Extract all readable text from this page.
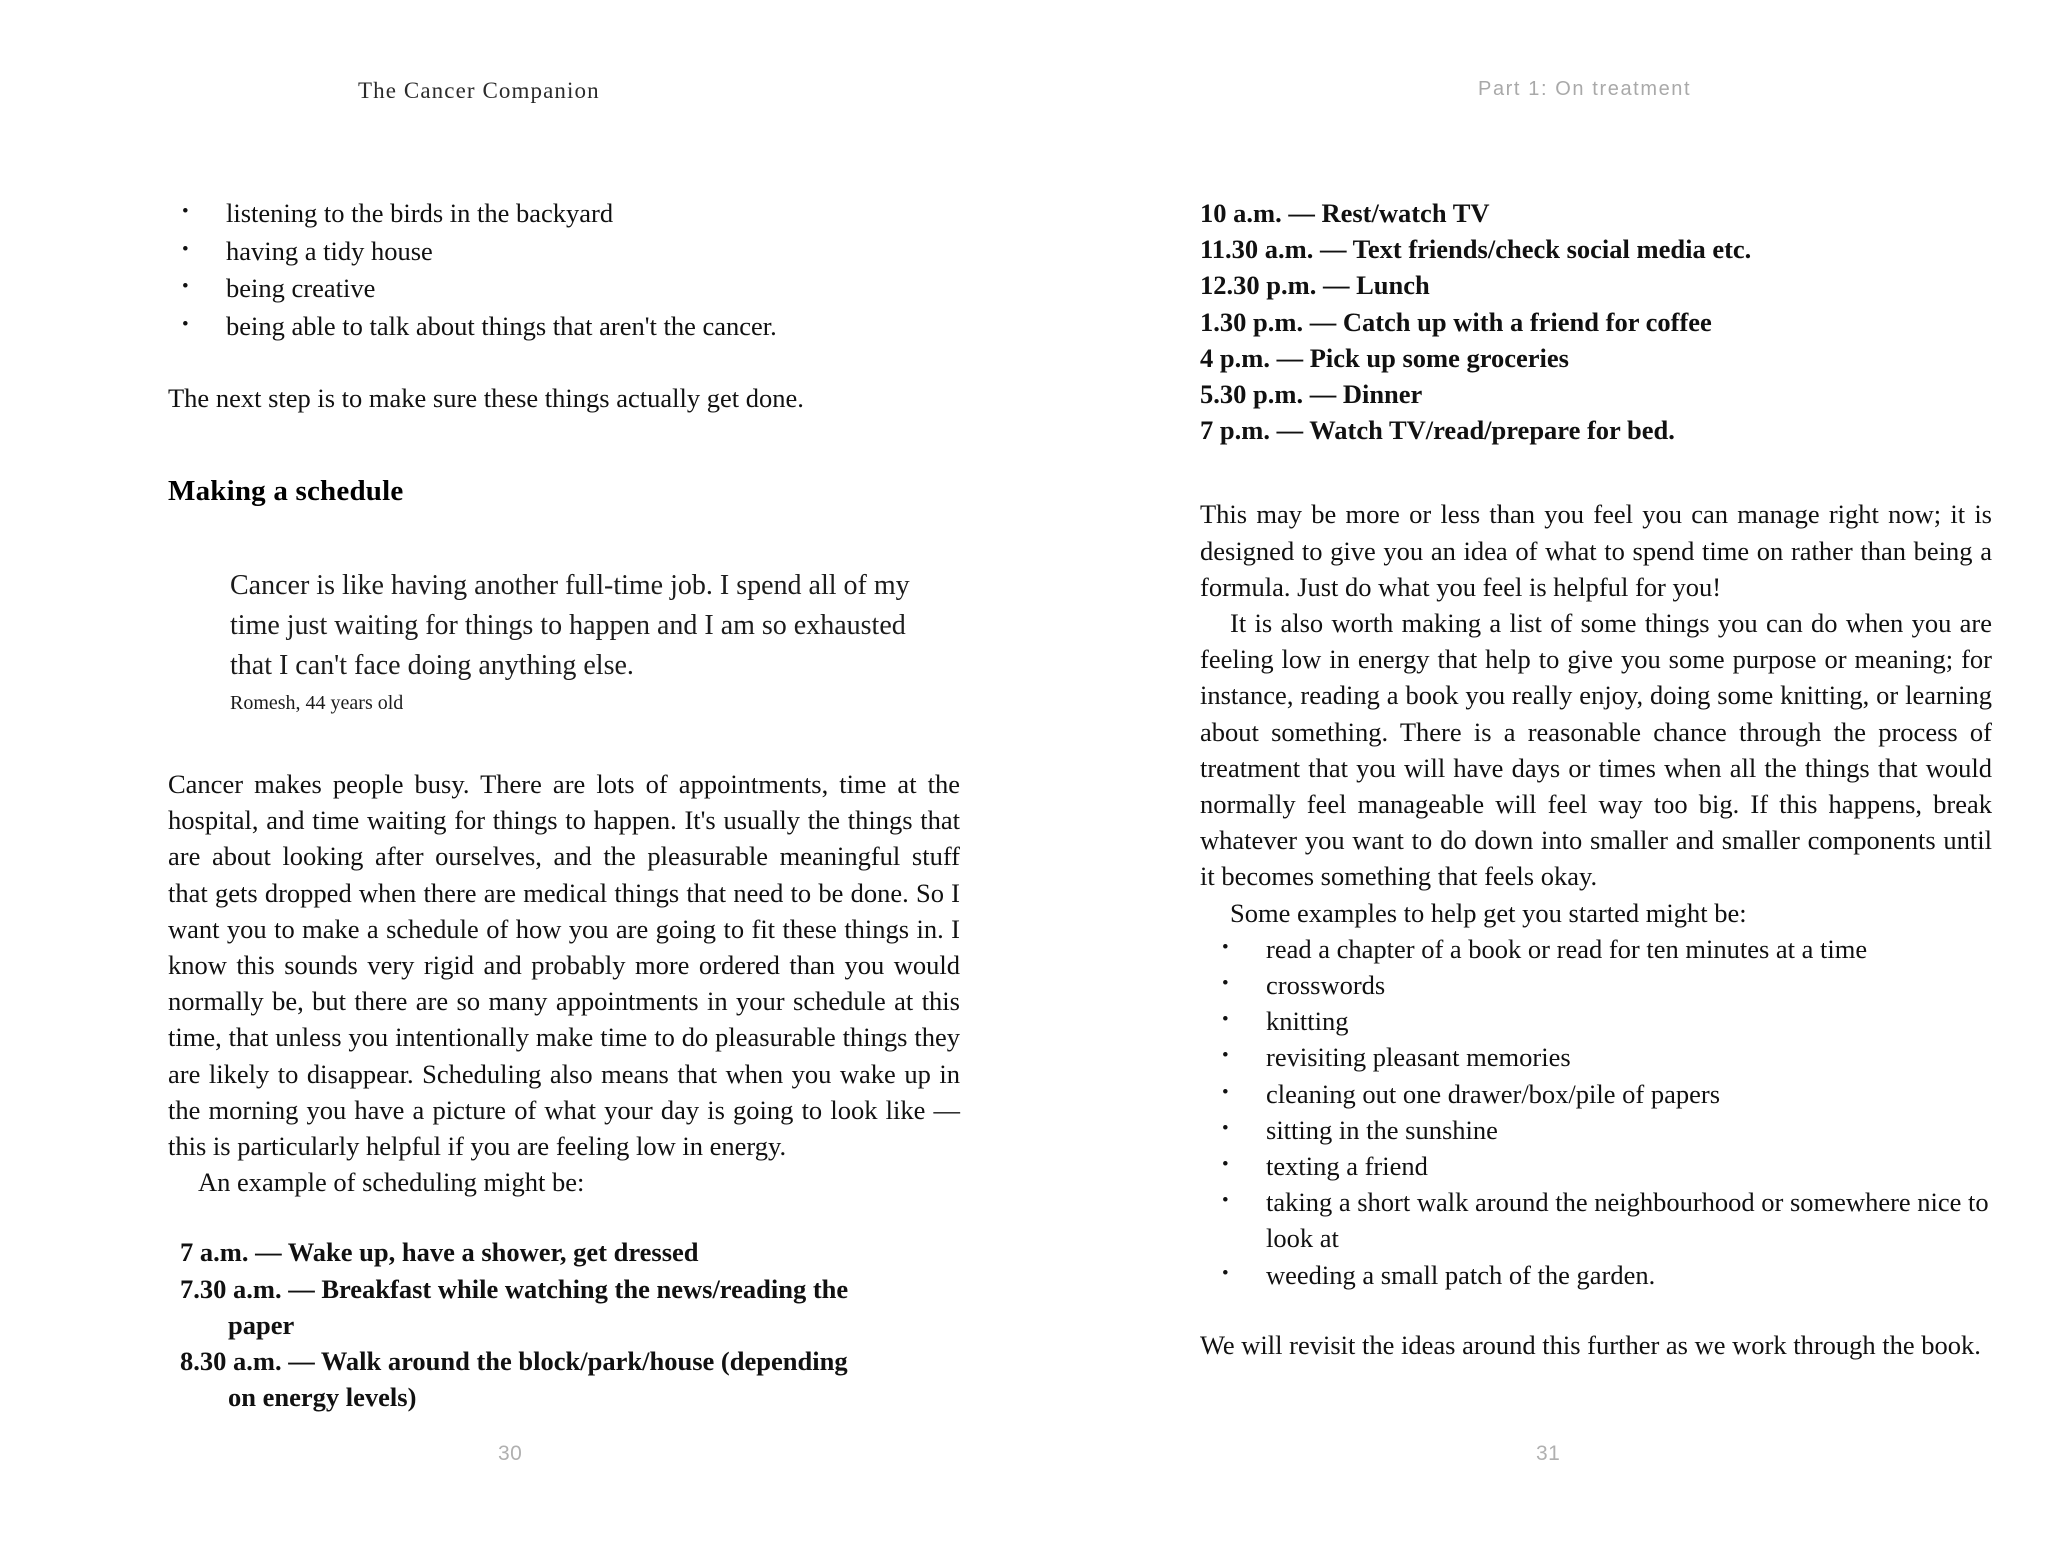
The Cancer Companion
• listening to the birds in the backyard
• having a tidy house
• being creative
• being able to talk about things that aren't the cancer.

The next step is to make sure these things actually get done.

Making a schedule
Cancer is like having another full-time job. I spend all of my time just waiting for things to happen and I am so exhausted that I can't face doing anything else.
Romesh, 44 years old

Cancer makes people busy. There are lots of appointments, time at the hospital, and time waiting for things to happen. It's usually the things that are about looking after ourselves, and the pleasurable meaningful stuff that gets dropped when there are medical things that need to be done. So I want you to make a schedule of how you are going to fit these things in. I know this sounds very rigid and probably more ordered than you would normally be, but there are so many appointments in your schedule at this time, that unless you intentionally make time to do pleasurable things they are likely to disappear. Scheduling also means that when you wake up in the morning you have a picture of what your day is going to look like — this is particularly helpful if you are feeling low in energy.

An example of scheduling might be:

7 a.m. — Wake up, have a shower, get dressed
7.30 a.m. — Breakfast while watching the news/reading the paper
8.30 a.m. — Walk around the block/park/house (depending on energy levels)
30
Part 1: On treatment
10 a.m. — Rest/watch TV
11.30 a.m. — Text friends/check social media etc.
12.30 p.m. — Lunch
1.30 p.m. — Catch up with a friend for coffee
4 p.m. — Pick up some groceries
5.30 p.m. — Dinner
7 p.m. — Watch TV/read/prepare for bed.

This may be more or less than you feel you can manage right now; it is designed to give you an idea of what to spend time on rather than being a formula. Just do what you feel is helpful for you!

It is also worth making a list of some things you can do when you are feeling low in energy that help to give you some purpose or meaning; for instance, reading a book you really enjoy, doing some knitting, or learning about something. There is a reasonable chance through the process of treatment that you will have days or times when all the things that would normally feel manageable will feel way too big. If this happens, break whatever you want to do down into smaller and smaller components until it becomes something that feels okay.

Some examples to help get you started might be:

• read a chapter of a book or read for ten minutes at a time
• crosswords
• knitting
• revisiting pleasant memories
• cleaning out one drawer/box/pile of papers
• sitting in the sunshine
• texting a friend
• taking a short walk around the neighbourhood or somewhere nice to look at
• weeding a small patch of the garden.

We will revisit the ideas around this further as we work through the book.

31
